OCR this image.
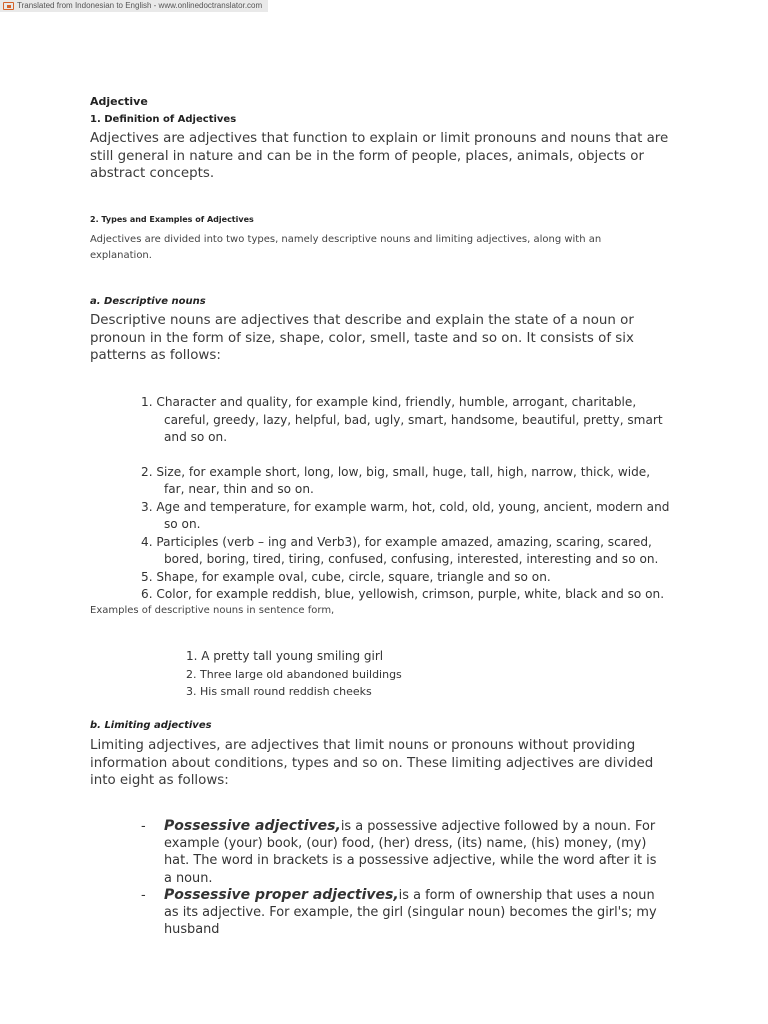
Translated from Indonesian to English - www.onlinedoctranslator.com

Adjective

1. Definition of Adjectives

Adjectives are adjectives that function to explain or limit pronouns and nouns that are still general in nature and can be in the form of people, places, animals, objects or abstract concepts.

2. Types and Examples of Adjectives

Adjectives are divided into two types, namely descriptive nouns and limiting adjectives, along with an explanation.

a. Descriptive nouns

Descriptive nouns are adjectives that describe and explain the state of a noun or pronoun in the form of size, shape, color, smell, taste and so on. It consists of six patterns as follows:

1. Character and quality, for example kind, friendly, humble, arrogant, charitable, careful, greedy, lazy, helpful, bad, ugly, smart, handsome, beautiful, pretty, smart and so on.
2. Size, for example short, long, low, big, small, huge, tall, high, narrow, thick, wide, far, near, thin and so on.
3. Age and temperature, for example warm, hot, cold, old, young, ancient, modern and so on.
4. Participles (verb – ing and Verb3), for example amazed, amazing, scaring, scared, bored, boring, tired, tiring, confused, confusing, interested, interesting and so on.
5. Shape, for example oval, cube, circle, square, triangle and so on.
6. Color, for example reddish, blue, yellowish, crimson, purple, white, black and so on.

Examples of descriptive nouns in sentence form,

1. A pretty tall young smiling girl
2. Three large old abandoned buildings
3. His small round reddish cheeks

b. Limiting adjectives

Limiting adjectives, are adjectives that limit nouns or pronouns without providing information about conditions, types and so on. These limiting adjectives are divided into eight as follows:

- Possessive adjectives,is a possessive adjective followed by a noun. For example (your) book, (our) food, (her) dress, (its) name, (his) money, (my) hat. The word in brackets is a possessive adjective, while the word after it is a noun.
- Possessive proper adjectives,is a form of ownership that uses a noun as its adjective. For example, the girl (singular noun) becomes the girl's; my husband
